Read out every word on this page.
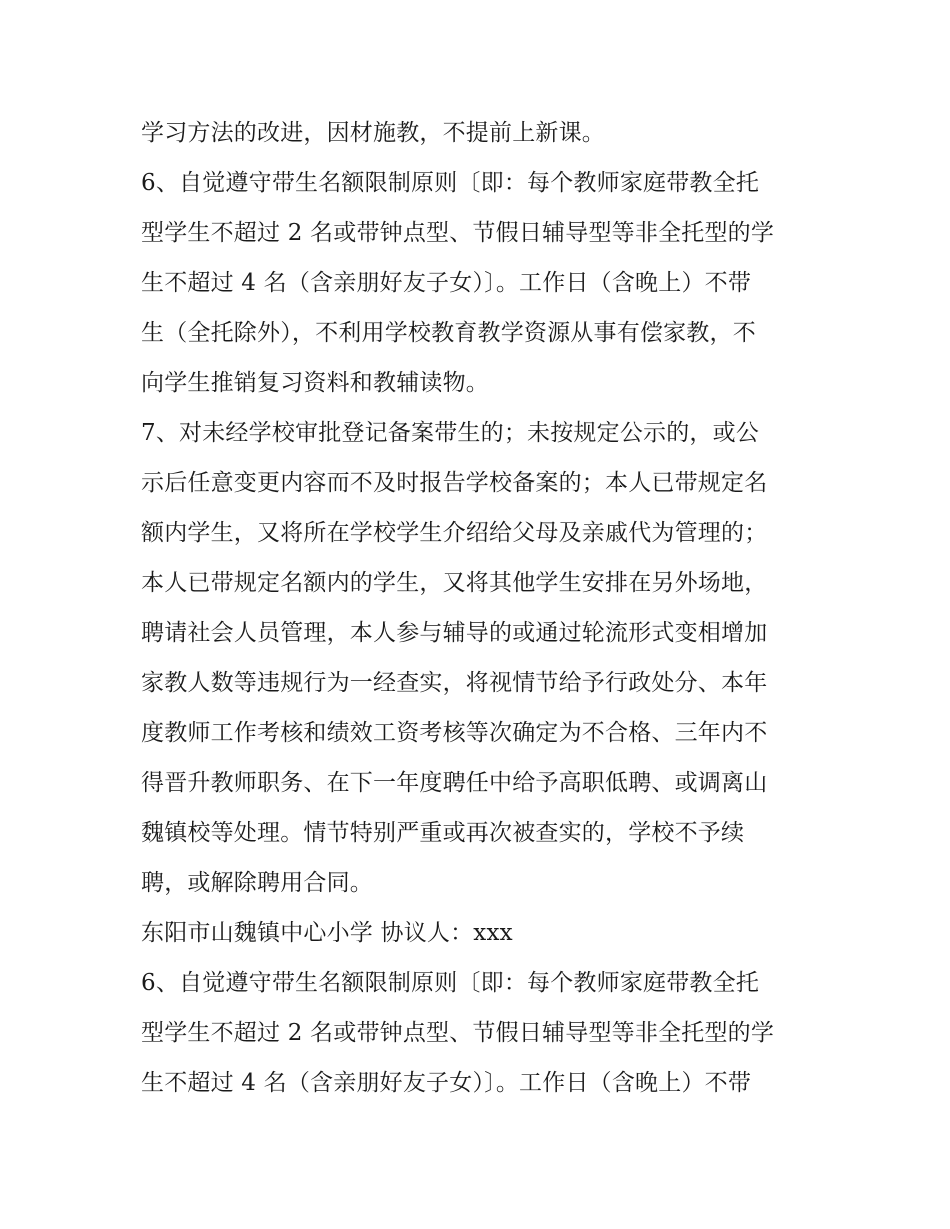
学习方法的改进，因材施教，不提前上新课。
6、自觉遵守带生名额限制原则〔即：每个教师家庭带教全托
型学生不超过 2 名或带钟点型、节假日辅导型等非全托型的学
生不超过 4 名（含亲朋好友子女）〕。工作日（含晚上）不带
生（全托除外），不利用学校教育教学资源从事有偿家教，不
向学生推销复习资料和教辅读物。
7、对未经学校审批登记备案带生的；未按规定公示的，或公
示后任意变更内容而不及时报告学校备案的；本人已带规定名
额内学生，又将所在学校学生介绍给父母及亲戚代为管理的；
本人已带规定名额内的学生，又将其他学生安排在另外场地，
聘请社会人员管理，本人参与辅导的或通过轮流形式变相增加
家教人数等违规行为一经查实，将视情节给予行政处分、本年
度教师工作考核和绩效工资考核等次确定为不合格、三年内不
得晋升教师职务、在下一年度聘任中给予高职低聘、或调离山
魏镇校等处理。情节特别严重或再次被查实的，学校不予续
聘，或解除聘用合同。
东阳市山魏镇中心小学 协议人：xxx
6、自觉遵守带生名额限制原则〔即：每个教师家庭带教全托
型学生不超过 2 名或带钟点型、节假日辅导型等非全托型的学
生不超过 4 名（含亲朋好友子女）〕。工作日（含晚上）不带
